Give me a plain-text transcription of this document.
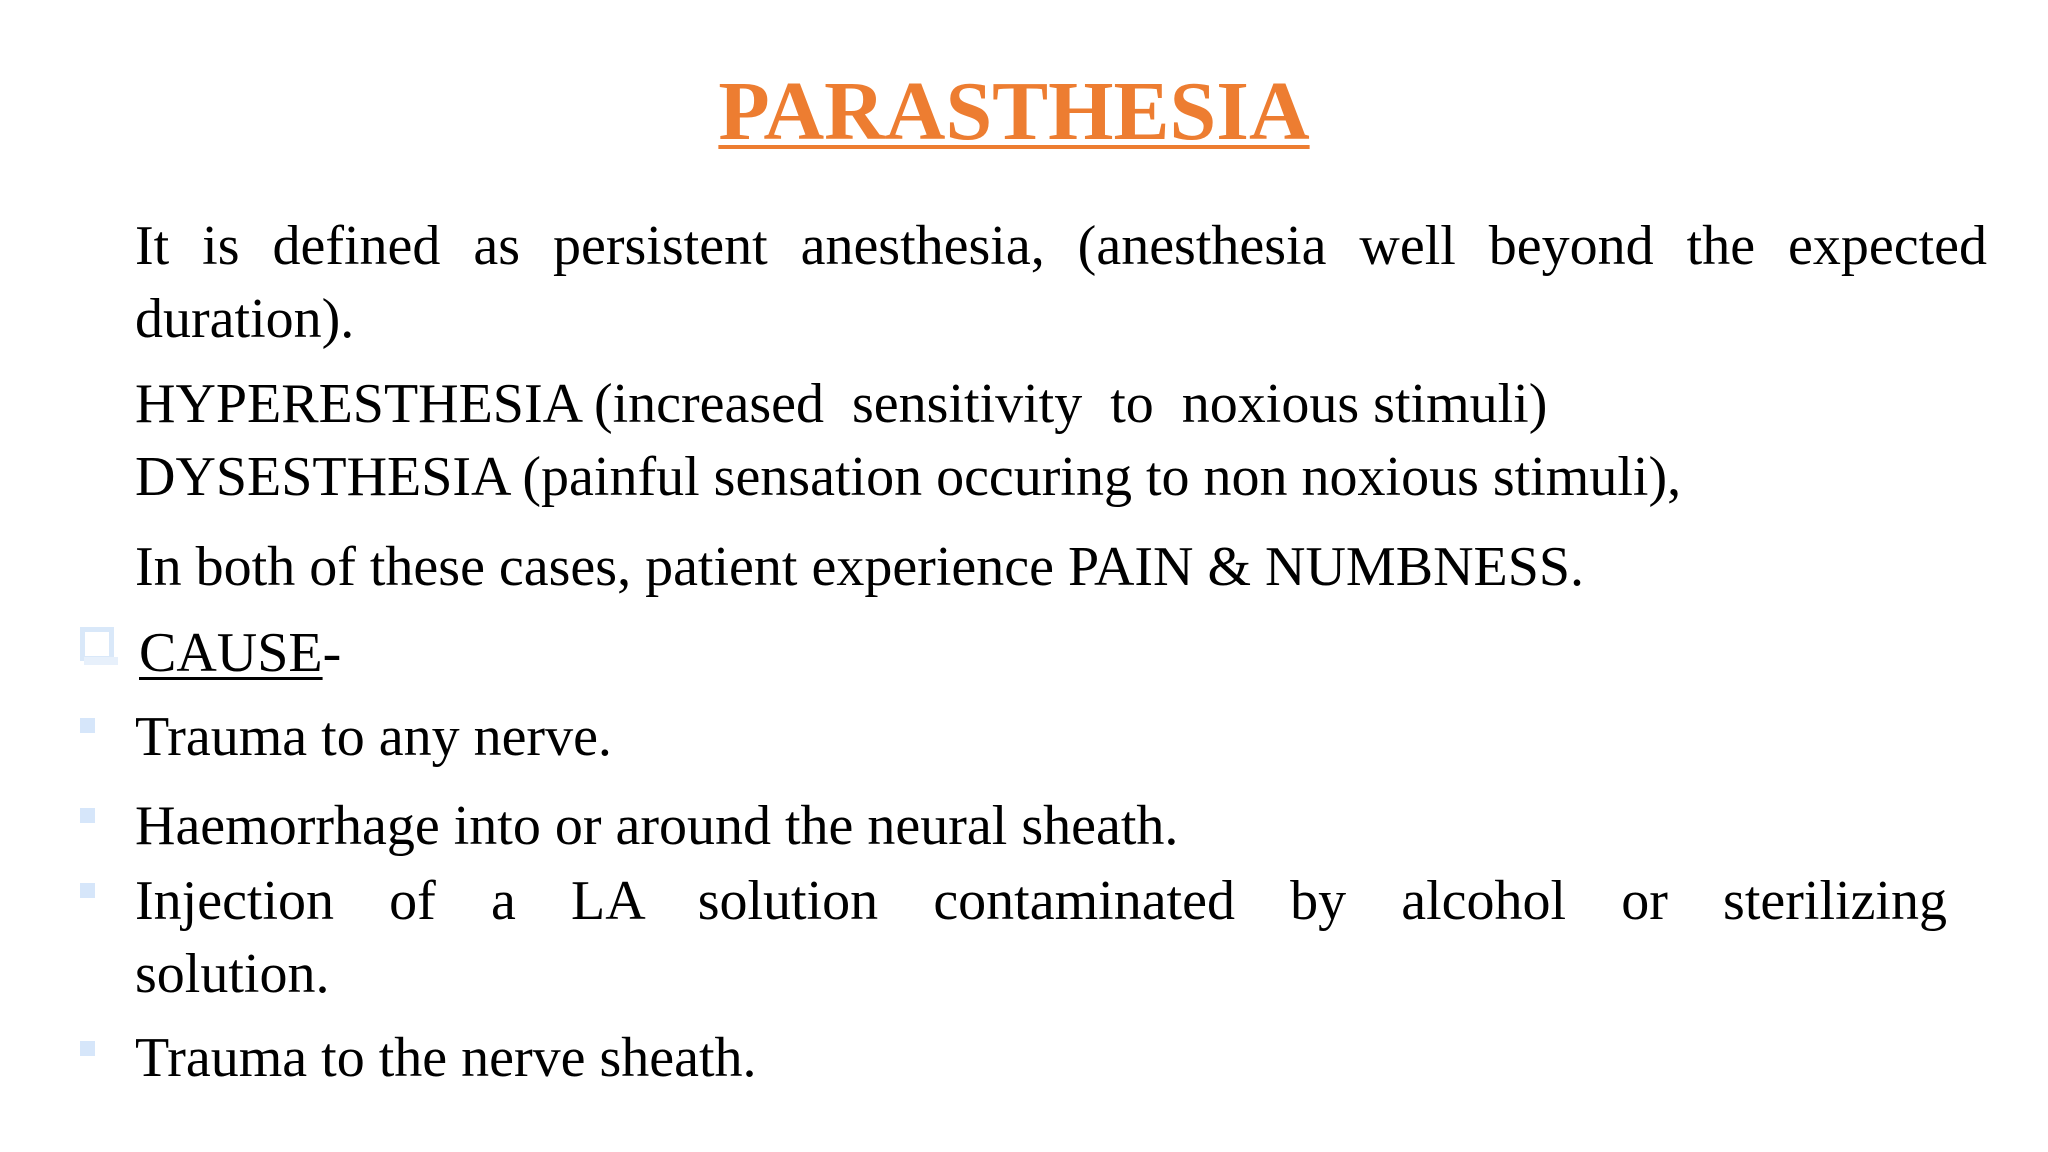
PARASTHESIA
It is defined as persistent anesthesia, (anesthesia well beyond the expected
duration).
HYPERESTHESIA (increased  sensitivity  to  noxious stimuli)
DYSESTHESIA (painful sensation occuring to non noxious stimuli),
In both of these cases, patient experience PAIN & NUMBNESS.
CAUSE-
Trauma to any nerve.
Haemorrhage into or around the neural sheath.
Injection of a LA solution contaminated by alcohol or sterilizing
solution.
Trauma to the nerve sheath.
